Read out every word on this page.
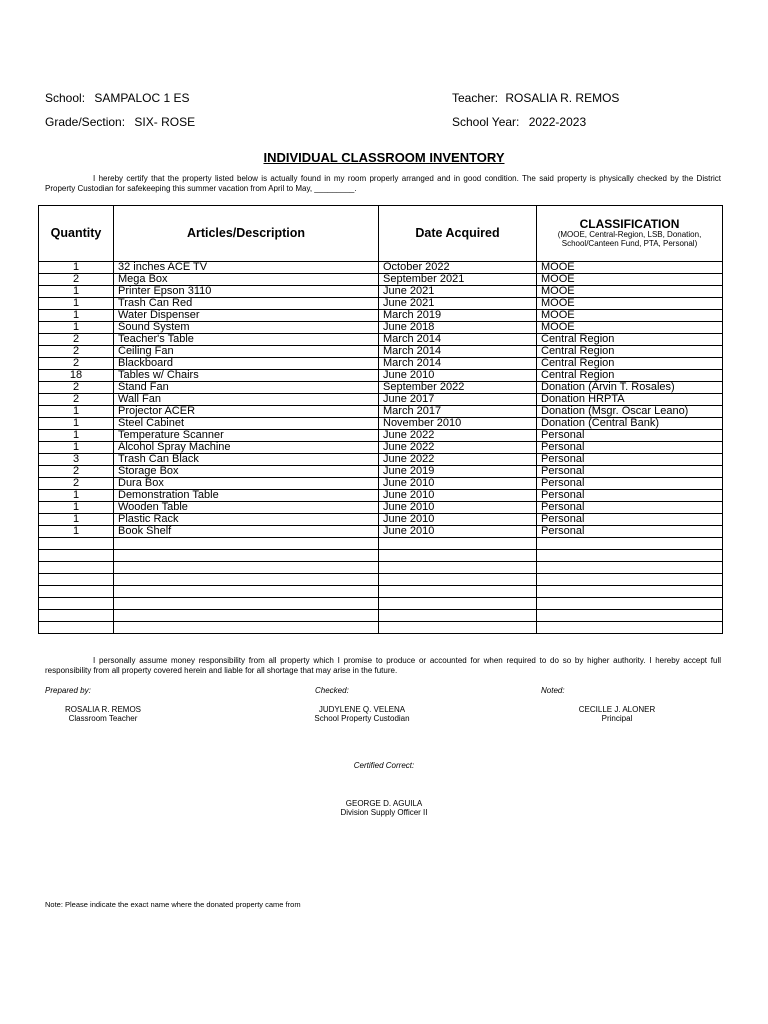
School: SAMPALOC 1 ES	Teacher: ROSALIA R. REMOS
Grade/Section: SIX- ROSE	School Year: 2022-2023
INDIVIDUAL CLASSROOM INVENTORY
I hereby certify that the property listed below is actually found in my room properly arranged and in good condition. The said property is physically checked by the District Property Custodian for safekeeping this summer vacation from April to May, _________.
Quantity	Articles/Description	Date Acquired	CLASSIFICATION
(MOOE, Central-Region, LSB, Donation, School/Canteen Fund, PTA, Personal)

1	32 inches ACE TV	October 2022	MOOE
2	Mega Box	September 2021	MOOE
1	Printer Epson 3110	June 2021	MOOE
1	Trash Can Red	June 2021	MOOE
1	Water Dispenser	March 2019	MOOE
1	Sound System	June 2018	MOOE
2	Teacher's Table	March 2014	Central Region
2	Ceiling Fan	March 2014	Central Region
2	Blackboard	March 2014	Central Region
18	Tables w/ Chairs	June 2010	Central Region
2	Stand Fan	September 2022	Donation (Arvin T. Rosales)
2	Wall Fan	June 2017	Donation HRPTA
1	Projector ACER	March 2017	Donation (Msgr. Oscar Leano)
1	Steel Cabinet	November 2010	Donation (Central Bank)
1	Temperature Scanner	June 2022	Personal
1	Alcohol Spray Machine	June 2022	Personal
3	Trash Can Black	June 2022	Personal
2	Storage Box	June 2019	Personal
2	Dura Box	June 2010	Personal
1	Demonstration Table	June 2010	Personal
1	Wooden Table	June 2010	Personal
1	Plastic Rack	June 2010	Personal
1	Book Shelf	June 2010	Personal

I personally assume money responsibility from all property which I promise to produce or accounted for when required to do so by higher authority. I hereby accept full responsibility from all property covered herein and liable for all shortage that may arise in the future.
Prepared by:	Checked:	Noted:
ROSALIA R. REMOS
Classroom Teacher
JUDYLENE Q. VELENA
School Property Custodian
CECILLE J. ALONER
Principal
Certified Correct:
GEORGE D. AGUILA
Division Supply Officer II
Note: Please indicate the exact name where the donated property came from
